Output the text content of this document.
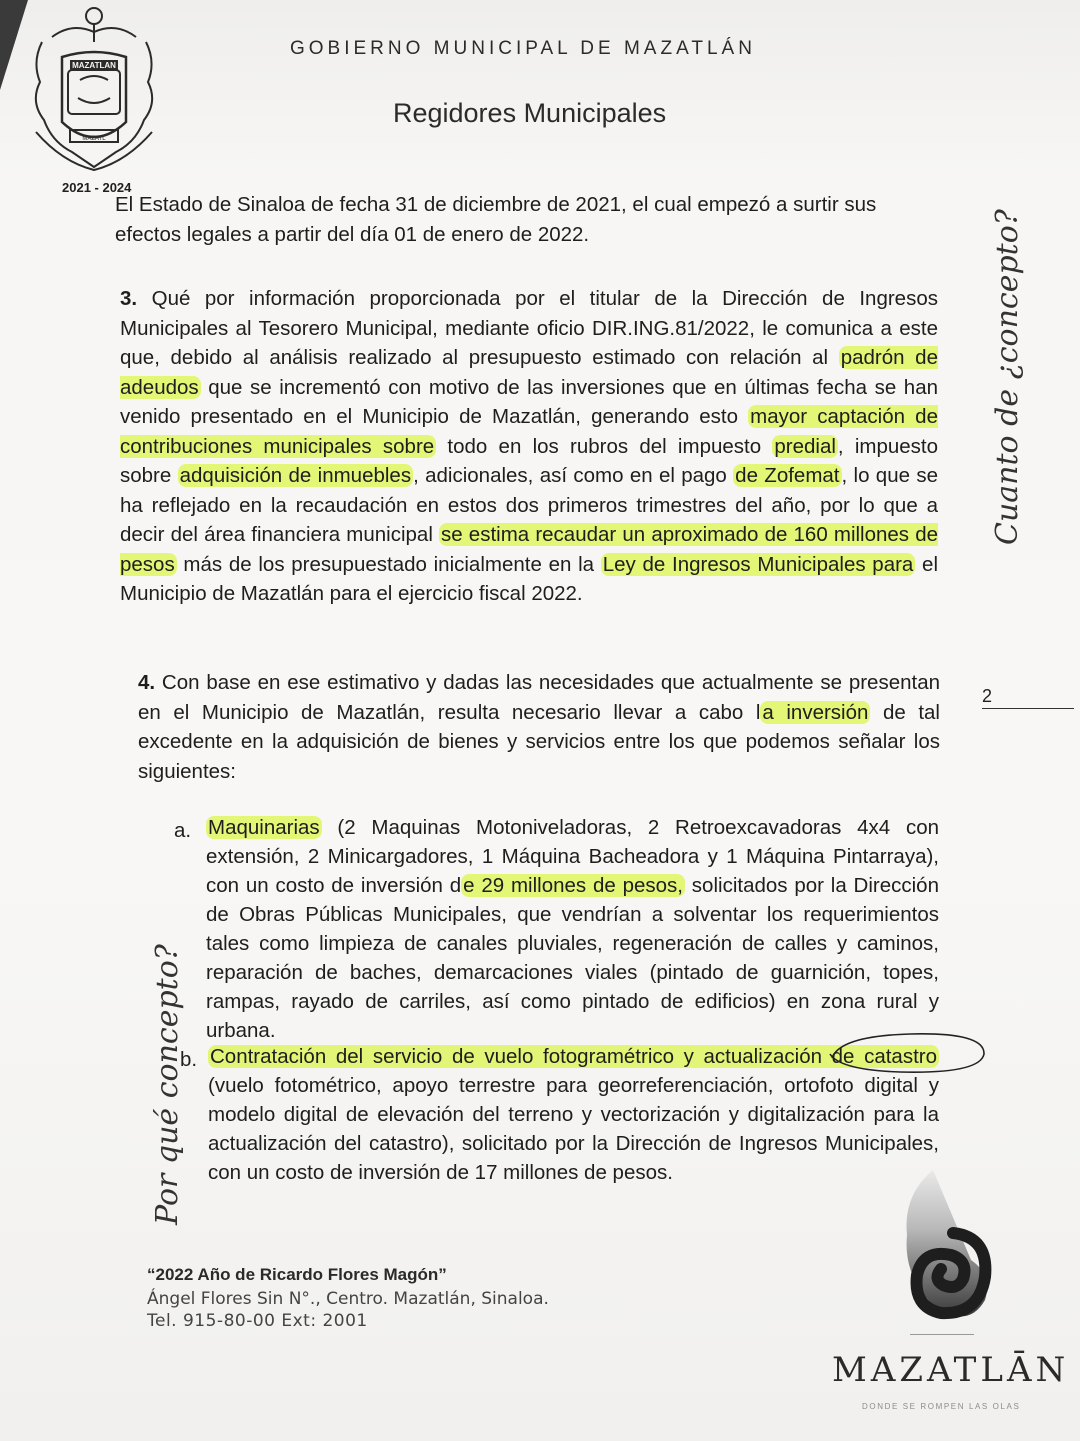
MAZATLAN
MAZATL
2021 - 2024
GOBIERNO MUNICIPAL DE MAZATLÁN
Regidores Municipales
El Estado de Sinaloa de fecha 31 de diciembre de 2021, el cual empezó a surtir sus
efectos legales a partir del día 01 de enero de 2022.
3. Qué por información proporcionada por el titular de la Dirección de Ingresos Municipales al Tesorero Municipal, mediante oficio DIR.ING.81/2022, le comunica a este que, debido al análisis realizado al presupuesto estimado con relación al padrón de adeudos que se incrementó con motivo de las inversiones que en últimas fecha se han venido presentado en el Municipio de Mazatlán, generando esto mayor captación de contribuciones municipales sobre todo en los rubros del impuesto predial, impuesto sobre adquisición de inmuebles, adicionales, así como en el pago de Zofemat, lo que se ha reflejado en la recaudación en estos dos primeros trimestres del año, por lo que a decir del área financiera municipal se estima recaudar un aproximado de 160 millones de pesos más de los presupuestado inicialmente en la Ley de Ingresos Municipales para el Municipio de Mazatlán para el ejercicio fiscal 2022.
4. Con base en ese estimativo y dadas las necesidades que actualmente se presentan en el Municipio de Mazatlán, resulta necesario llevar a cabo la inversión de tal excedente en la adquisición de bienes y servicios entre los que podemos señalar los siguientes:
a. Maquinarias (2 Maquinas Motoniveladoras, 2 Retroexcavadoras 4x4 con extensión, 2 Minicargadores, 1 Máquina Bacheadora y 1 Máquina Pintarraya), con un costo de inversión de 29 millones de pesos, solicitados por la Dirección de Obras Públicas Municipales, que vendrían a solventar los requerimientos tales como limpieza de canales pluviales, regeneración de calles y caminos, reparación de baches, demarcaciones viales (pintado de guarnición, topes, rampas, rayado de carriles, así como pintado de edificios) en zona rural y urbana.
b. Contratación del servicio de vuelo fotogramétrico y actualización de catastro (vuelo fotométrico, apoyo terrestre para georreferenciación, ortofoto digital y modelo digital de elevación del terreno y vectorización y digitalización para la actualización del catastro), solicitado por la Dirección de Ingresos Municipales, con un costo de inversión de 17 millones de pesos.
2
Cuanto de ¿concepto?
Por qué concepto?
“2022 Año de Ricardo Flores Magón”
Ángel Flores Sin N°., Centro. Mazatlán, Sinaloa.
Tel. 915-80-00 Ext: 2001
MAZATLĀN
DONDE SE ROMPEN LAS OLAS
